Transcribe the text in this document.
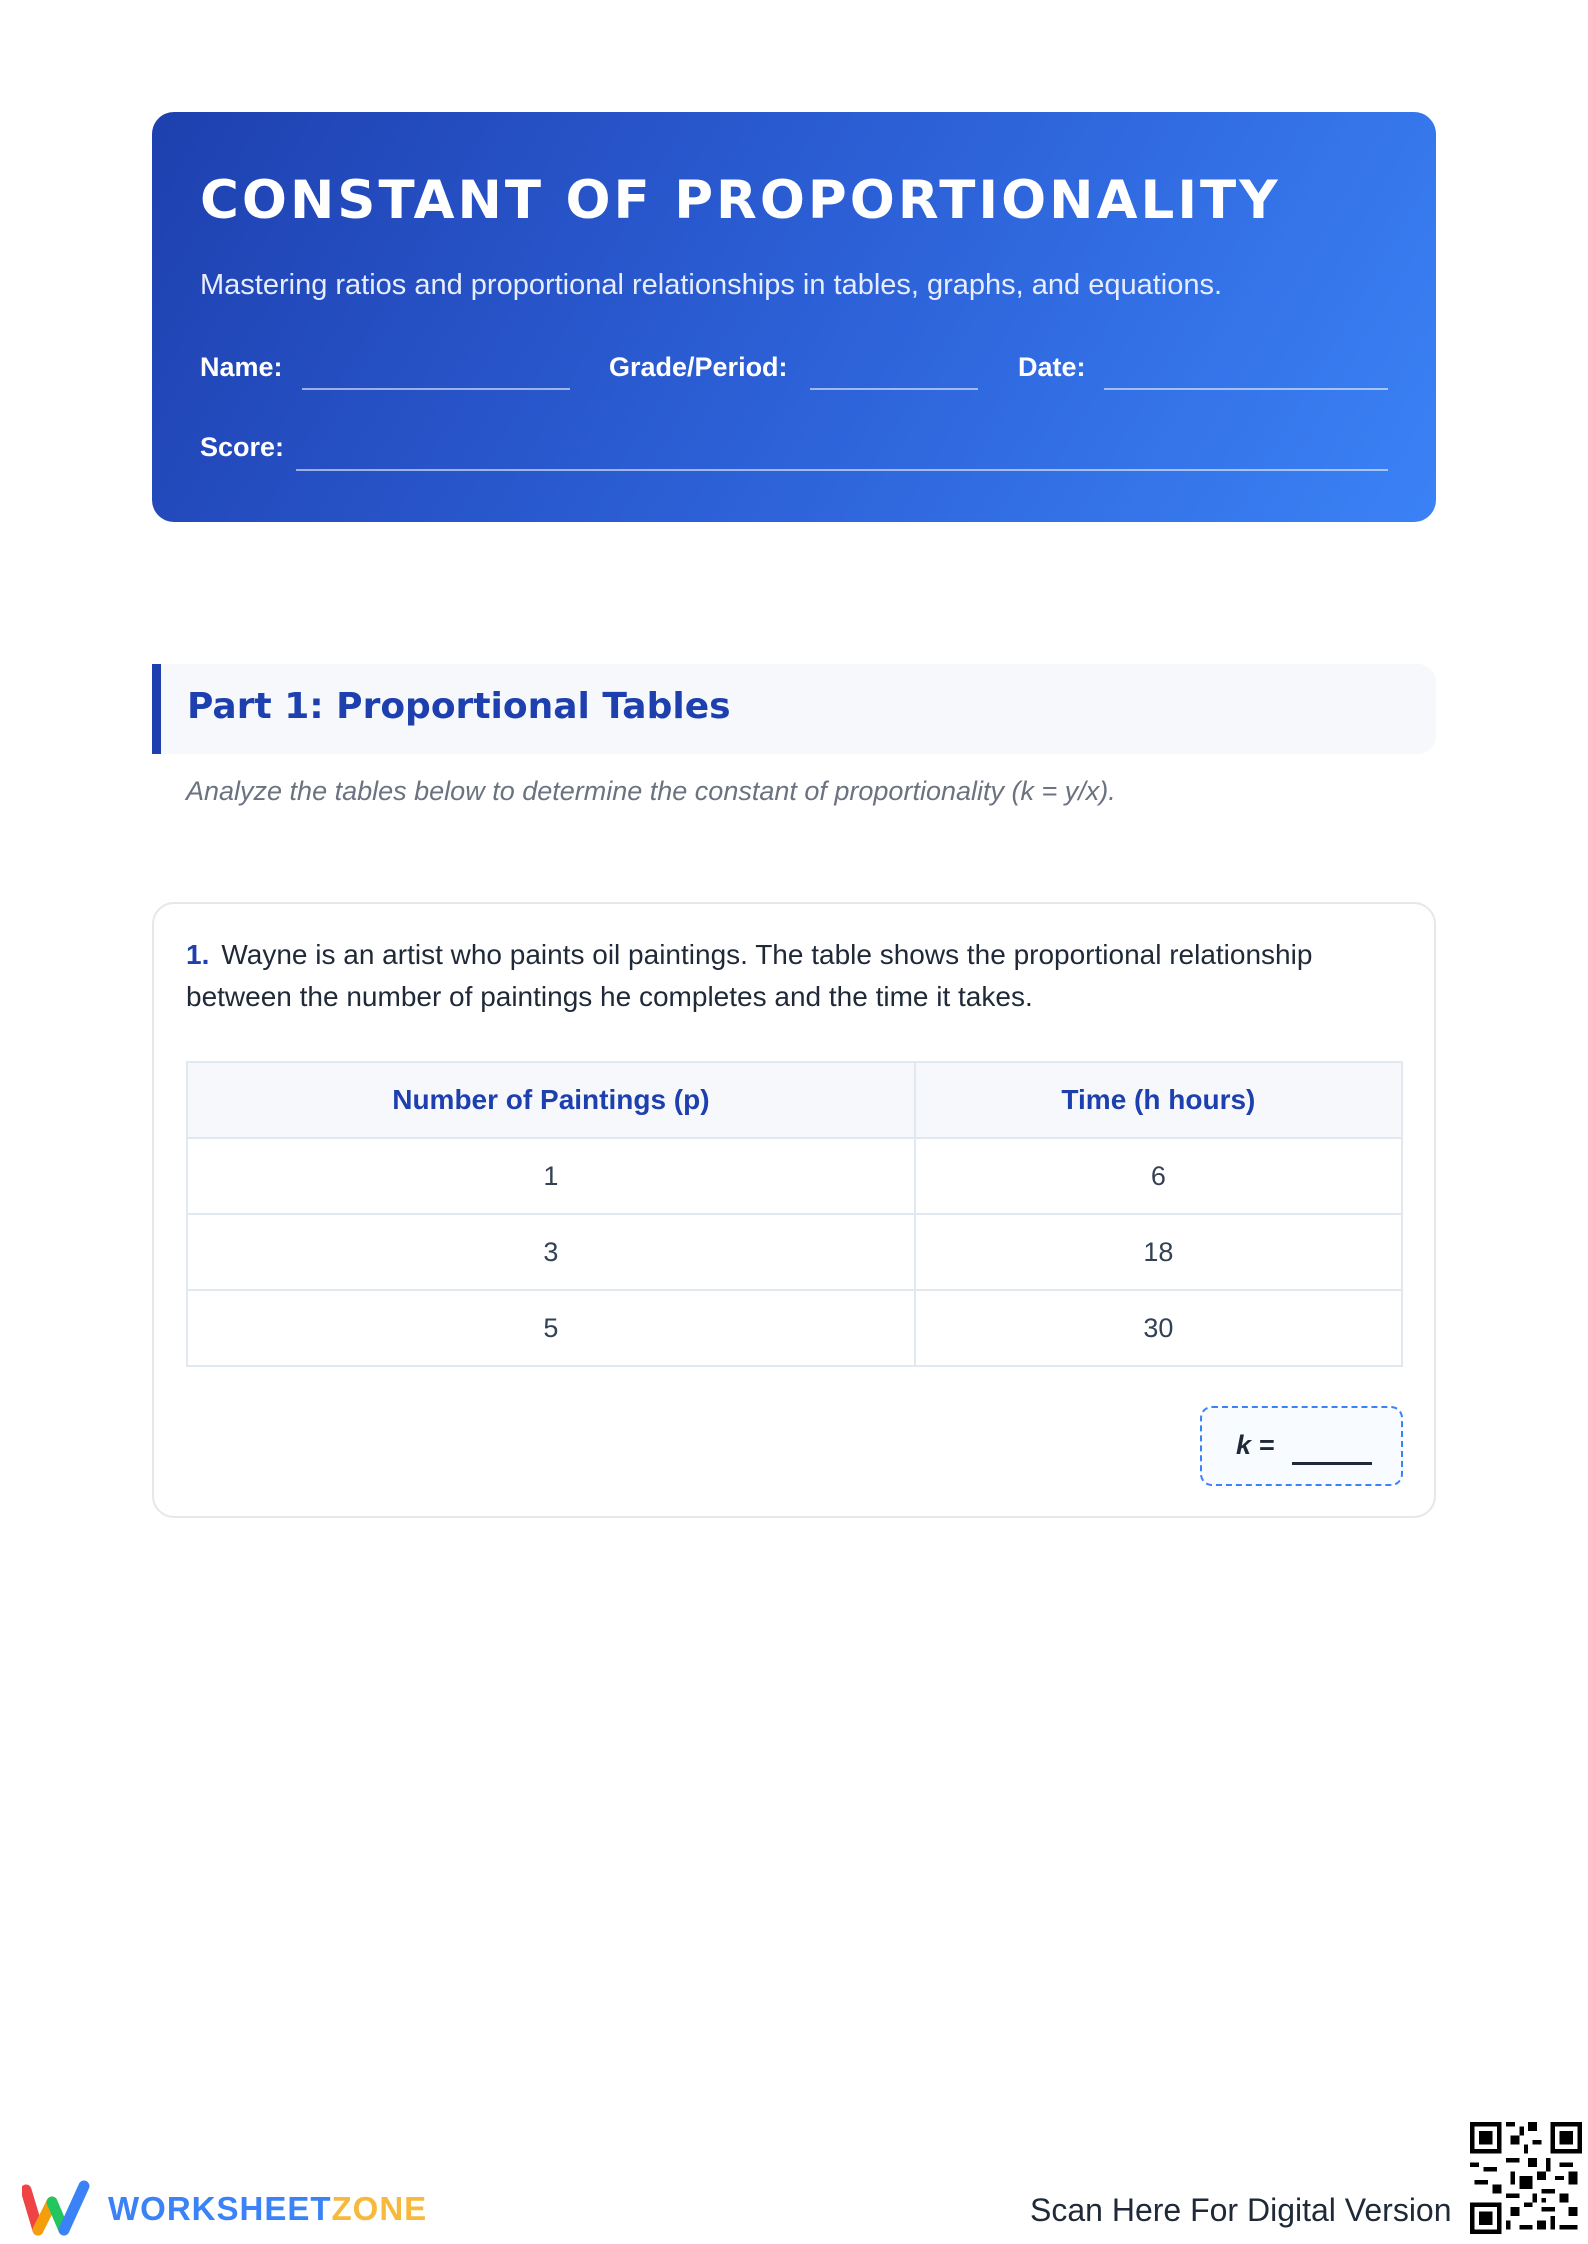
CONSTANT OF PROPORTIONALITY
Mastering ratios and proportional relationships in tables, graphs, and equations.
Name:	Grade/Period:	Date:
Score:
Part 1: Proportional Tables
Analyze the tables below to determine the constant of proportionality (k = y/x).
1. Wayne is an artist who paints oil paintings. The table shows the proportional relationship between the number of paintings he completes and the time it takes.
Number of Paintings (p)	Time (h hours)
1	6
3	18
5	30
k =
WORKSHEETZONE	Scan Here For Digital Version
